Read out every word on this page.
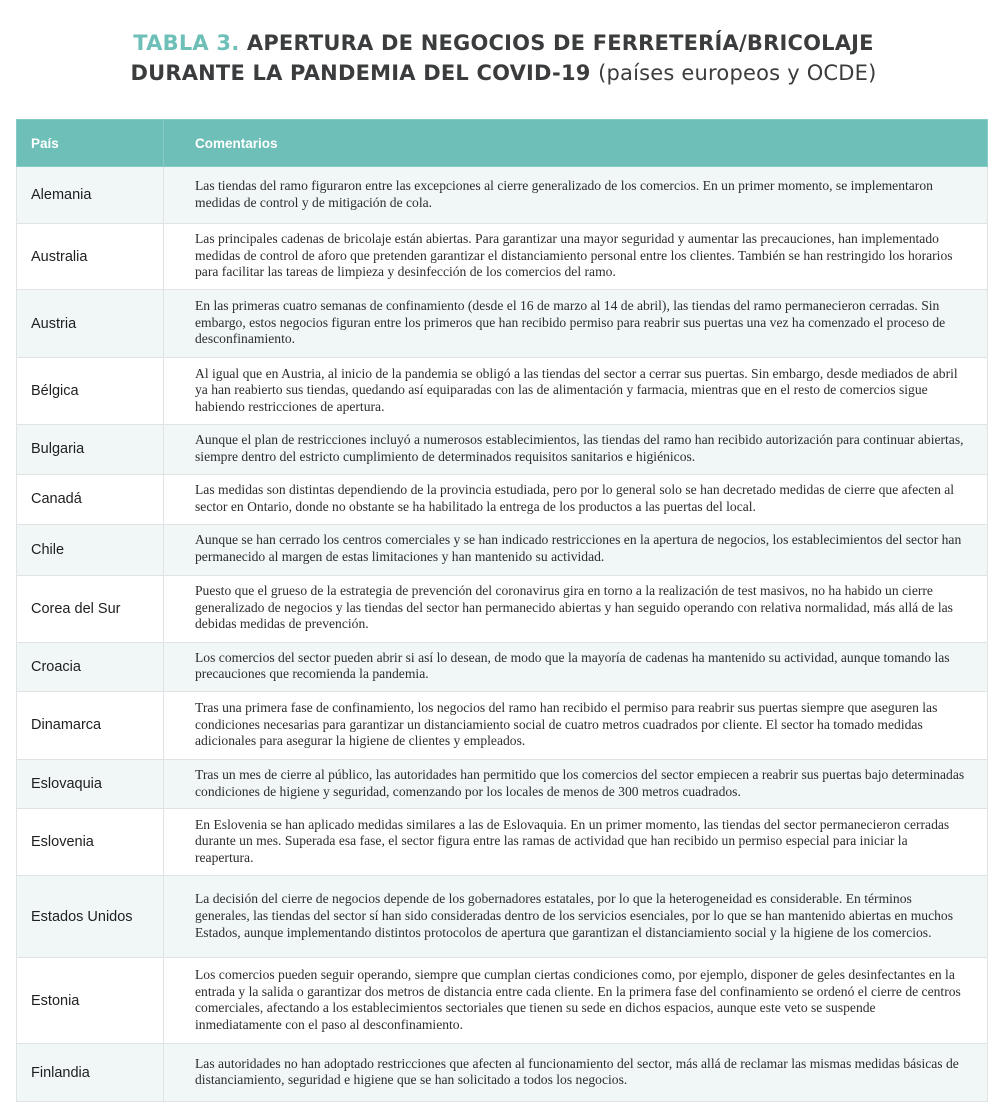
TABLA 3. APERTURA DE NEGOCIOS DE FERRETERÍA/BRICOLAJE
DURANTE LA PANDEMIA DEL COVID-19 (países europeos y OCDE)
País	Comentarios
Alemania	Las tiendas del ramo figuraron entre las excepciones al cierre generalizado de los comercios. En un primer momento, se implementaron medidas de control y de mitigación de cola.
Australia	Las principales cadenas de bricolaje están abiertas. Para garantizar una mayor seguridad y aumentar las precauciones, han implementado medidas de control de aforo que pretenden garantizar el distanciamiento personal entre los clientes. También se han restringido los horarios para facilitar las tareas de limpieza y desinfección de los comercios del ramo.
Austria	En las primeras cuatro semanas de confinamiento (desde el 16 de marzo al 14 de abril), las tiendas del ramo permanecieron cerradas. Sin embargo, estos negocios figuran entre los primeros que han recibido permiso para reabrir sus puertas una vez ha comenzado el proceso de desconfinamiento.
Bélgica	Al igual que en Austria, al inicio de la pandemia se obligó a las tiendas del sector a cerrar sus puertas. Sin embargo, desde mediados de abril ya han reabierto sus tiendas, quedando así equiparadas con las de alimentación y farmacia, mientras que en el resto de comercios sigue habiendo restricciones de apertura.
Bulgaria	Aunque el plan de restricciones incluyó a numerosos establecimientos, las tiendas del ramo han recibido autorización para continuar abiertas, siempre dentro del estricto cumplimiento de determinados requisitos sanitarios e higiénicos.
Canadá	Las medidas son distintas dependiendo de la provincia estudiada, pero por lo general solo se han decretado medidas de cierre que afecten al sector en Ontario, donde no obstante se ha habilitado la entrega de los productos a las puertas del local.
Chile	Aunque se han cerrado los centros comerciales y se han indicado restricciones en la apertura de negocios, los establecimientos del sector han permanecido al margen de estas limitaciones y han mantenido su actividad.
Corea del Sur	Puesto que el grueso de la estrategia de prevención del coronavirus gira en torno a la realización de test masivos, no ha habido un cierre generalizado de negocios y las tiendas del sector han permanecido abiertas y han seguido operando con relativa normalidad, más allá de las debidas medidas de prevención.
Croacia	Los comercios del sector pueden abrir si así lo desean, de modo que la mayoría de cadenas ha mantenido su actividad, aunque tomando las precauciones que recomienda la pandemia.
Dinamarca	Tras una primera fase de confinamiento, los negocios del ramo han recibido el permiso para reabrir sus puertas siempre que aseguren las condiciones necesarias para garantizar un distanciamiento social de cuatro metros cuadrados por cliente. El sector ha tomado medidas adicionales para asegurar la higiene de clientes y empleados.
Eslovaquia	Tras un mes de cierre al público, las autoridades han permitido que los comercios del sector empiecen a reabrir sus puertas bajo determinadas condiciones de higiene y seguridad, comenzando por los locales de menos de 300 metros cuadrados.
Eslovenia	En Eslovenia se han aplicado medidas similares a las de Eslovaquia. En un primer momento, las tiendas del sector permanecieron cerradas durante un mes. Superada esa fase, el sector figura entre las ramas de actividad que han recibido un permiso especial para iniciar la reapertura.
Estados Unidos	La decisión del cierre de negocios depende de los gobernadores estatales, por lo que la heterogeneidad es considerable. En términos generales, las tiendas del sector sí han sido consideradas dentro de los servicios esenciales, por lo que se han mantenido abiertas en muchos Estados, aunque implementando distintos protocolos de apertura que garantizan el distanciamiento social y la higiene de los comercios.
Estonia	Los comercios pueden seguir operando, siempre que cumplan ciertas condiciones como, por ejemplo, disponer de geles desinfectantes en la entrada y la salida o garantizar dos metros de distancia entre cada cliente. En la primera fase del confinamiento se ordenó el cierre de centros comerciales, afectando a los establecimientos sectoriales que tienen su sede en dichos espacios, aunque este veto se suspende inmediatamente con el paso al desconfinamiento.
Finlandia	Las autoridades no han adoptado restricciones que afecten al funcionamiento del sector, más allá de reclamar las mismas medidas básicas de distanciamiento, seguridad e higiene que se han solicitado a todos los negocios.
